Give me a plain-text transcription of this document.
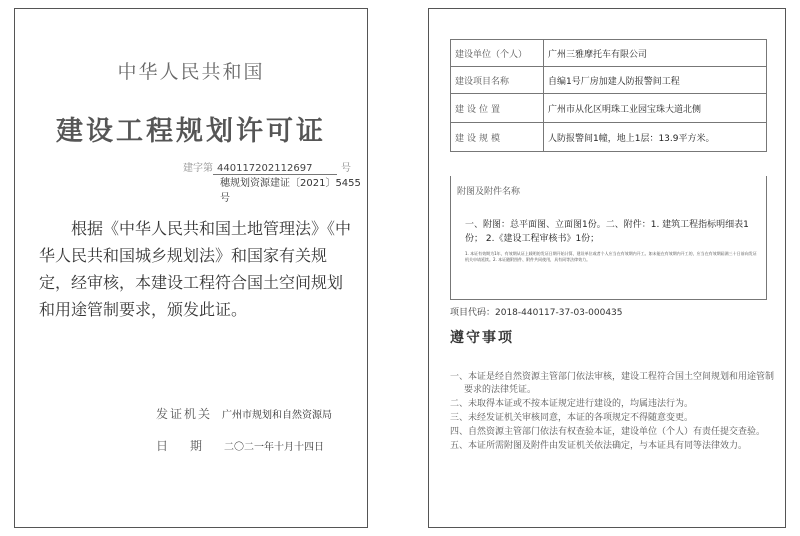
中华人民共和国
建设工程规划许可证
建字第 440117202112697	号
穗规划资源建证〔2021〕5455号
根据《中华人民共和国土地管理法》《中华人民共和国城乡规划法》和国家有关规定，经审核，本建设工程符合国土空间规划和用途管制要求，颁发此证。
发证机关 广州市规划和自然资源局
日期二〇二一年十月十四日
建设单位（个人）	广州三雅摩托车有限公司
建设项目名称	自编1号厂房加建人防报警间工程
建设位置	广州市从化区明珠工业园宝珠大道北侧
建设规模	人防报警间1幢，地上1层：13.9平方米。
附图及附件名称
一、附图：总平面图、立面图1份。二、附件：1. 建筑工程指标明细表1份； 2.《建设工程审核书》1份；
1. 本证有效期为1年，有效期从证上载明的发证日期开始计算，建设单位或者个人应当在有效期内开工。如未能在有效期内开工的，应当在有效期届满三十日前向发证机关申请延续。2. 本证随附图件、附件共同使用，具有同等法律效力。
项目代码：2018-440117-37-03-000435
遵守事项
一、本证是经自然资源主管部门依法审核，建设工程符合国土空间规划和用途管制要求的法律凭证。
二、未取得本证或不按本证规定进行建设的，均属违法行为。
三、未经发证机关审核同意，本证的各项规定不得随意变更。
四、自然资源主管部门依法有权查验本证，建设单位（个人）有责任提交查验。
五、本证所需附图及附件由发证机关依法确定，与本证具有同等法律效力。
